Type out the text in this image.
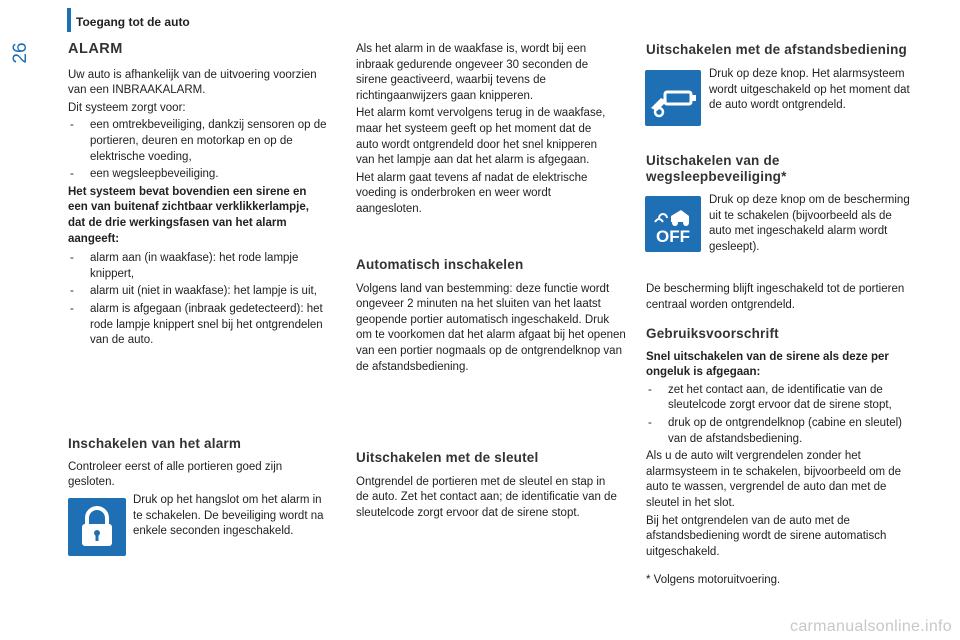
26
Toegang tot de auto
ALARM

Uw auto is afhankelijk van de uitvoering voorzien van een INBRAAKALARM.

Dit systeem zorgt voor:

- een omtrekbeveiliging, dankzij sensoren op de portieren, deuren en motorkap en op de elektrische voeding,
- een wegsleepbeveiliging.

Het systeem bevat bovendien een sirene en een van buitenaf zichtbaar verklikkerlampje, dat de drie werkingsfasen van het alarm aangeeft:

- alarm aan (in waakfase): het rode lampje knippert,
- alarm uit (niet in waakfase): het lampje is uit,
- alarm is afgegaan (inbraak gedetecteerd): het rode lampje knippert snel bij het ontgrendelen van de auto.
Inschakelen van het alarm

Controleer eerst of alle portieren goed zijn gesloten.

Druk op het hangslot om het alarm in te schakelen. De beveiliging wordt na enkele seconden ingeschakeld.

Als het alarm in de waakfase is, wordt bij een inbraak gedurende ongeveer 30 seconden de sirene geactiveerd, waarbij tevens de richtingaanwijzers gaan knipperen.

Het alarm komt vervolgens terug in de waakfase, maar het systeem geeft op het moment dat de auto wordt ontgrendeld door het snel knipperen van het lampje aan dat het alarm is afgegaan.

Het alarm gaat tevens af nadat de elektrische voeding is onderbroken en weer wordt aangesloten.

Automatisch inschakelen

Volgens land van bestemming: deze functie wordt ongeveer 2 minuten na het sluiten van het laatst geopende portier automatisch ingeschakeld. Druk om te voorkomen dat het alarm afgaat bij het openen van een portier nogmaals op de ontgrendelknop van de afstandsbediening.

Uitschakelen met de sleutel

Ontgrendel de portieren met de sleutel en stap in de auto. Zet het contact aan; de identificatie van de sleutelcode zorgt ervoor dat de sirene stopt.

Uitschakelen met de afstandsbediening

Druk op deze knop. Het alarmsysteem wordt uitgeschakeld op het moment dat de auto wordt ontgrendeld.

Uitschakelen van de wegsleepbeveiliging*
OFF

Druk op deze knop om de bescherming uit te schakelen (bijvoorbeeld als de auto met ingeschakeld alarm wordt gesleept).

De bescherming blijft ingeschakeld tot de portieren centraal worden ontgrendeld.

Gebruiksvoorschrift

Snel uitschakelen van de sirene als deze per ongeluk is afgegaan:

- zet het contact aan, de identificatie van de sleutelcode zorgt ervoor dat de sirene stopt,
- druk op de ontgrendelknop (cabine en sleutel) van de afstandsbediening.

Als u de auto wilt vergrendelen zonder het alarmsysteem in te schakelen, bijvoorbeeld om de auto te wassen, vergrendel de auto dan met de sleutel in het slot.

Bij het ontgrendelen van de auto met de afstandsbediening wordt de sirene automatisch uitgeschakeld.

* Volgens motoruitvoering.

carmanualsonline.info
